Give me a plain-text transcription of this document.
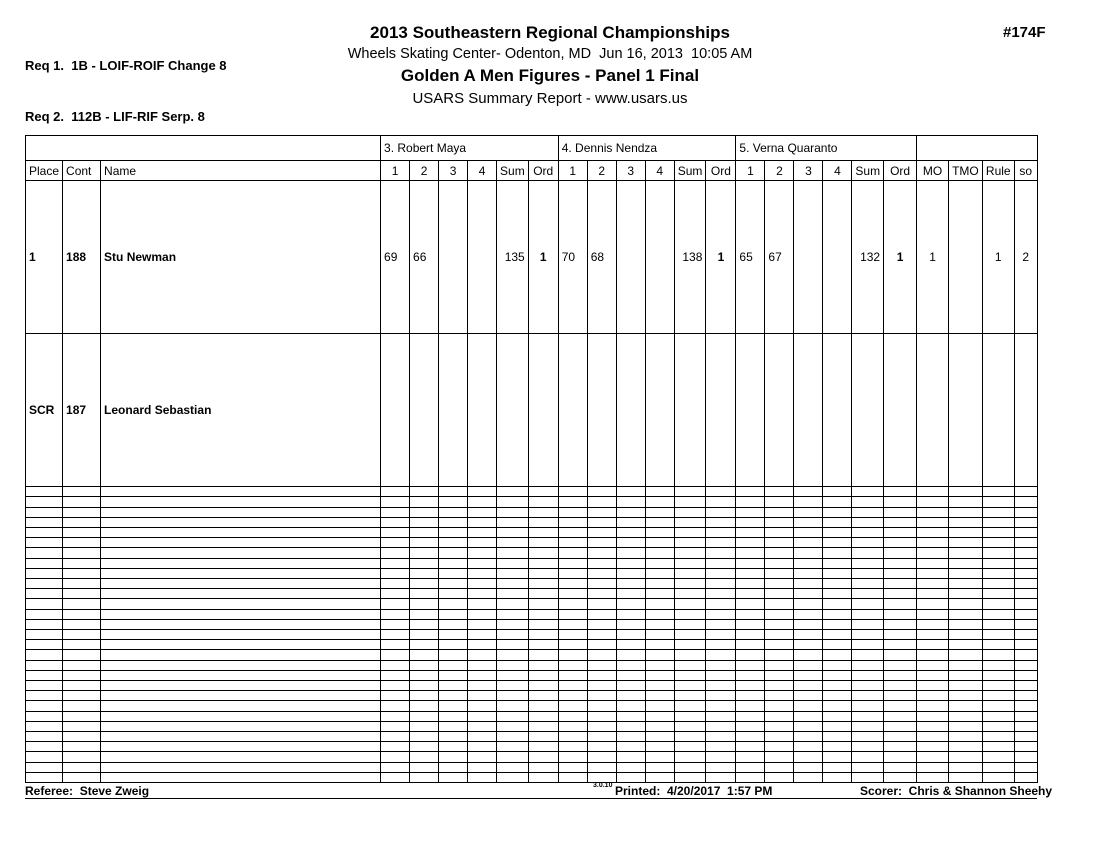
Req 1.  1B - LOIF-ROIF Change 8

Req 2.  112B - LIF-RIF Serp. 8

#174F
2013 Southeastern Regional Championships
Wheels Skating Center- Odenton, MD  Jun 16, 2013  10:05 AM
Golden A Men Figures - Panel 1 Final
USARS Summary Report - www.usars.us
			3. Robert Maya						4. Dennis Nendza						5. Verna Quaranto									
Place	Cont	Name	1	2	3	4	Sum	Ord	1	2	3	4	Sum	Ord	1	2	3	4	Sum	Ord	MO	TMO	Rule	so
1	188	Stu Newman	69	66			135	1	70	68			138	1	65	67			132	1	1		1	2
SCR	187	Leonard Sebastian																						

Referee:  Steve Zweig

	3.0.10

Printed:  4/20/2017  1:57 PM

	Scorer:  Chris & Shannon Sheehy
